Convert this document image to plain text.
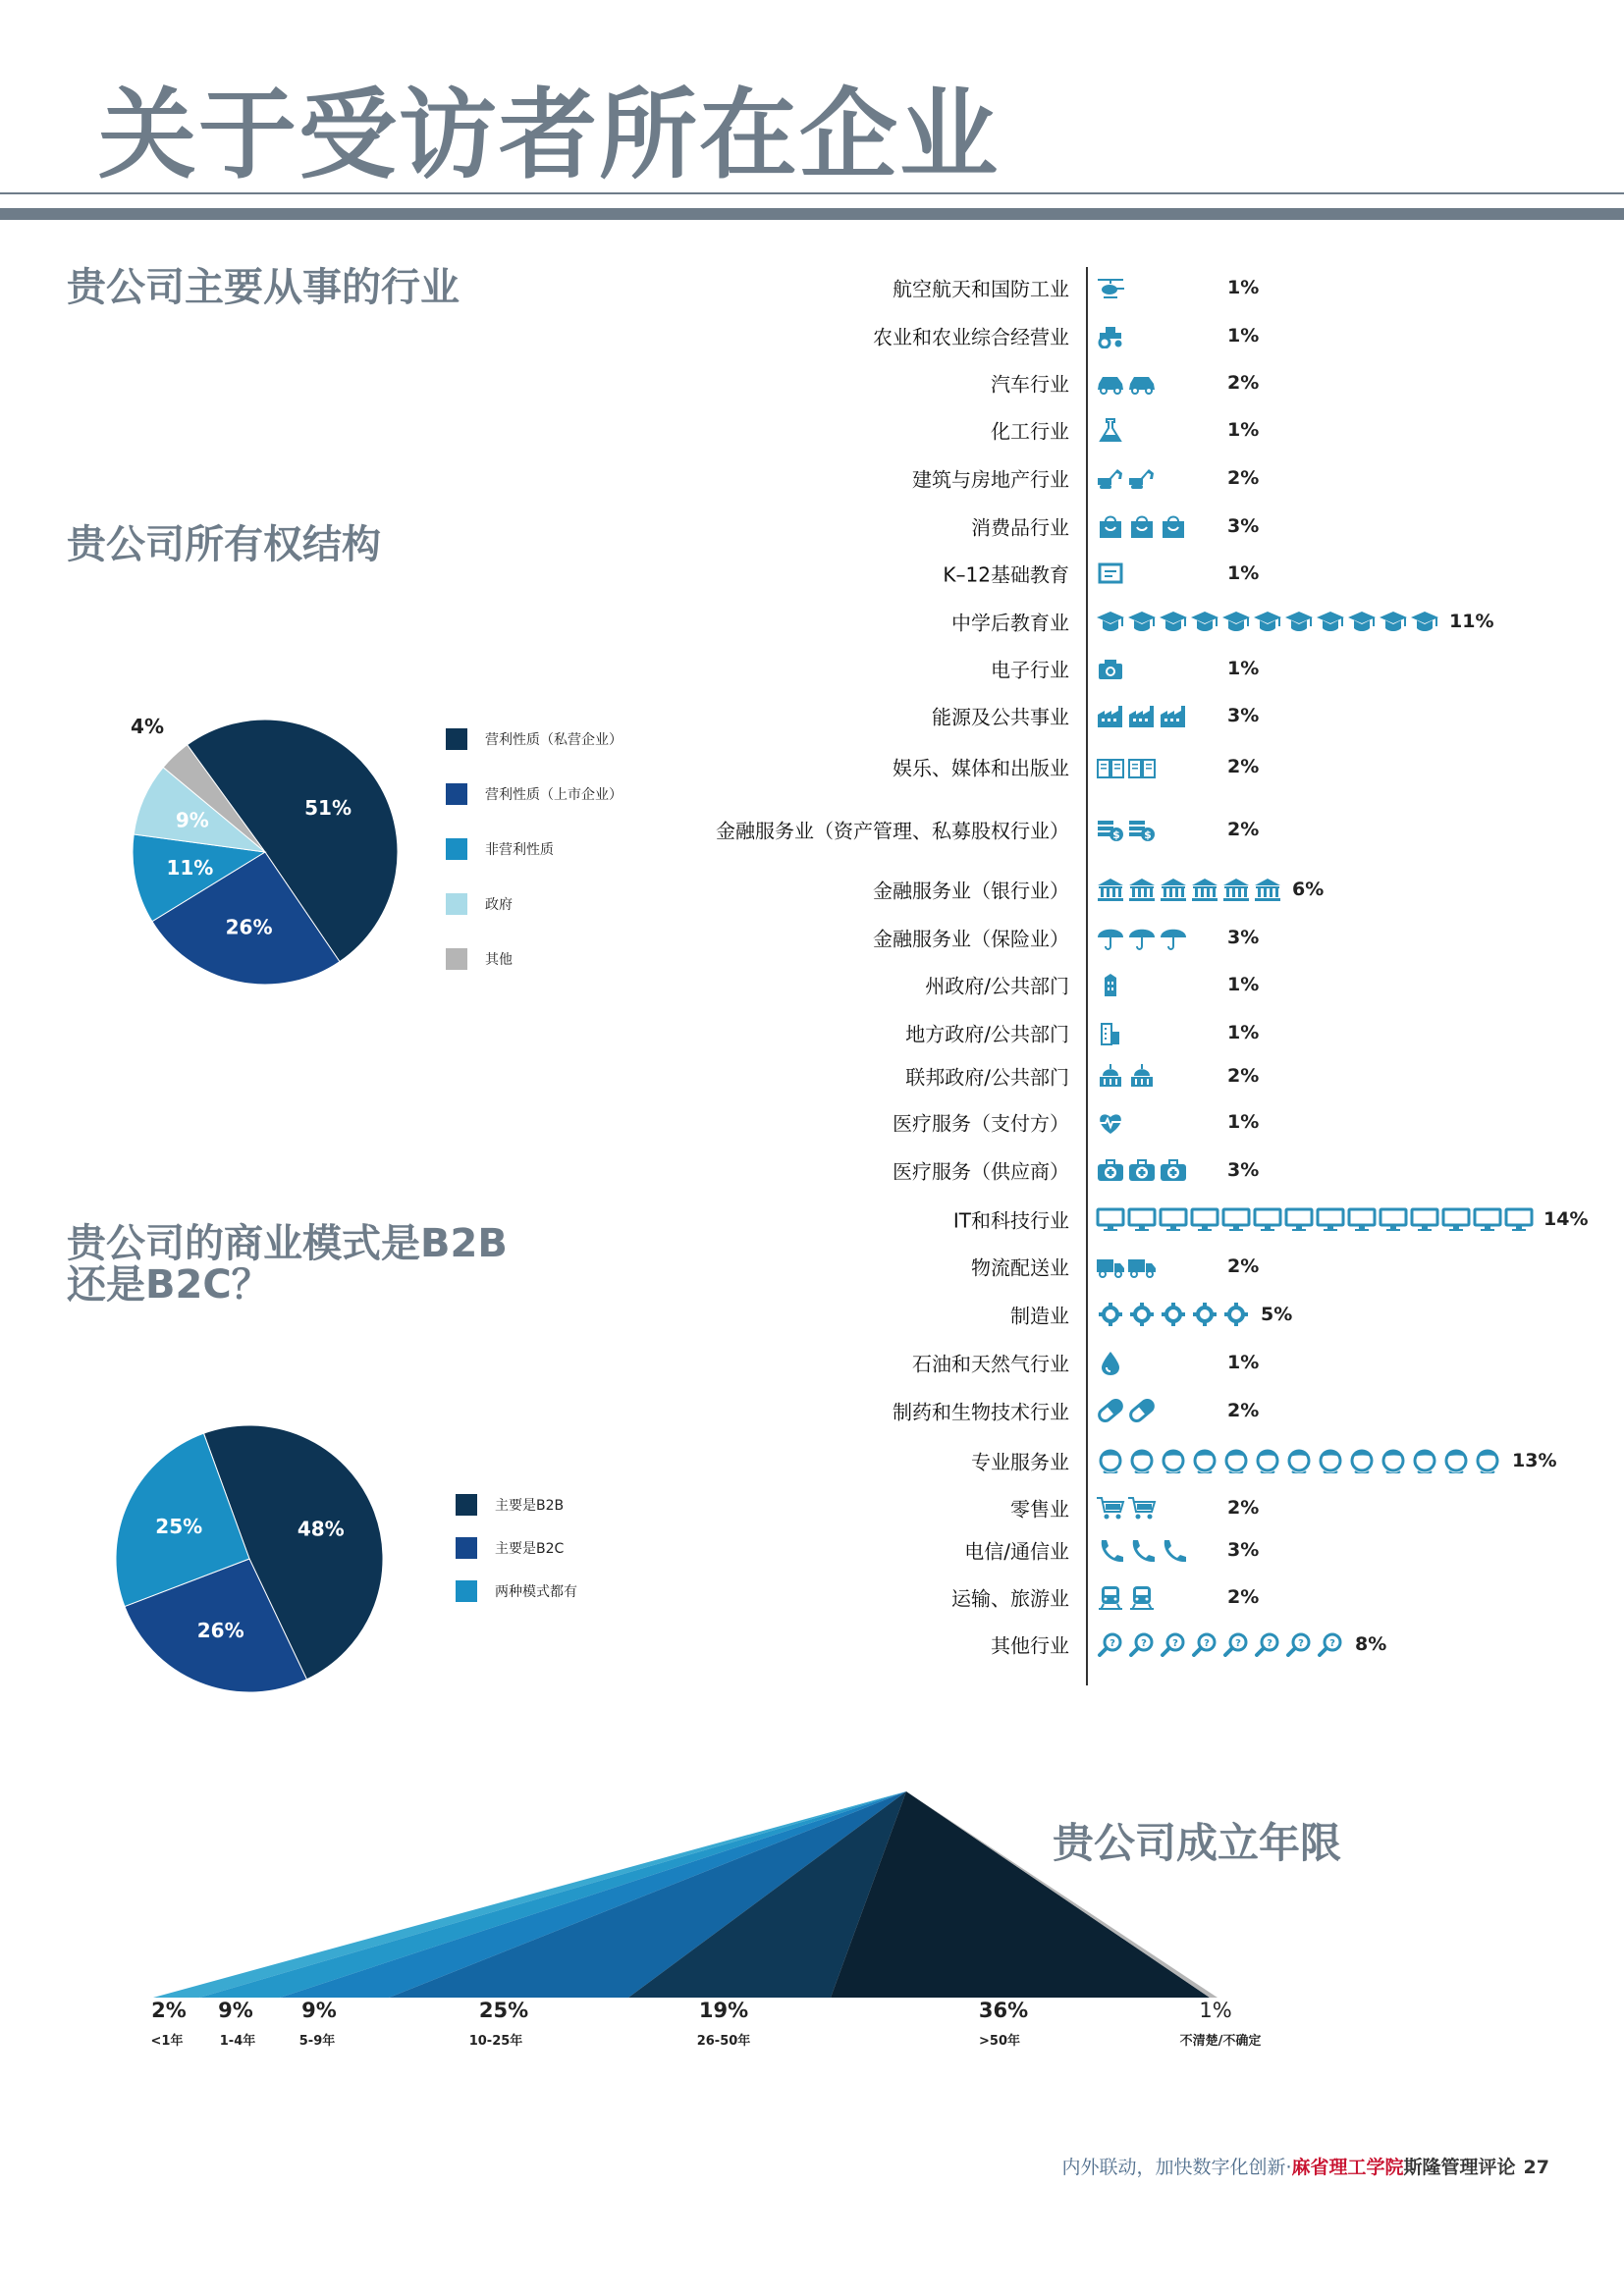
关于受访者所在企业
贵公司主要从事的行业
贵公司所有权结构
贵公司的商业模式是B2B
还是B2C？
51%
26%
11%
9%
4%
营利性质（私营企业）
营利性质（上市企业）
非营利性质
政府
其他
48%
26%
25%
主要是B2B
主要是B2C
两种模式都有
航空航天和国防工业	1%
农业和农业综合经营业	1%
汽车行业	2%
化工行业	1%
建筑与房地产行业	2%
消费品行业	3%
K–12基础教育	1%
中学后教育业	11%
电子行业	1%
能源及公共事业	3%
娱乐、媒体和出版业	2%
金融服务业（资产管理、私募股权行业）	$ $	2%
金融服务业（银行业）	6%
金融服务业（保险业）	3%
州政府/公共部门	1%
地方政府/公共部门	1%
联邦政府/公共部门	2%
医疗服务（支付方）	1%
医疗服务（供应商）	3%
IT和科技行业	14%
物流配送业	2%
制造业	5%
石油和天然气行业	1%
制药和生物技术行业	2%
专业服务业	13%
零售业	2%
电信/通信业	3%
运输、旅游业	2%
其他行业	?	?	?	?	?	?	?	? 8%
贵公司成立年限
2%
<1年
9%
1-4年
9%
5-9年
25%
10-25年
19%
26-50年
36%
>50年
1%
不清楚/不确定
内外联动，加快数字化创新·麻省理工学院斯隆管理评论 27
